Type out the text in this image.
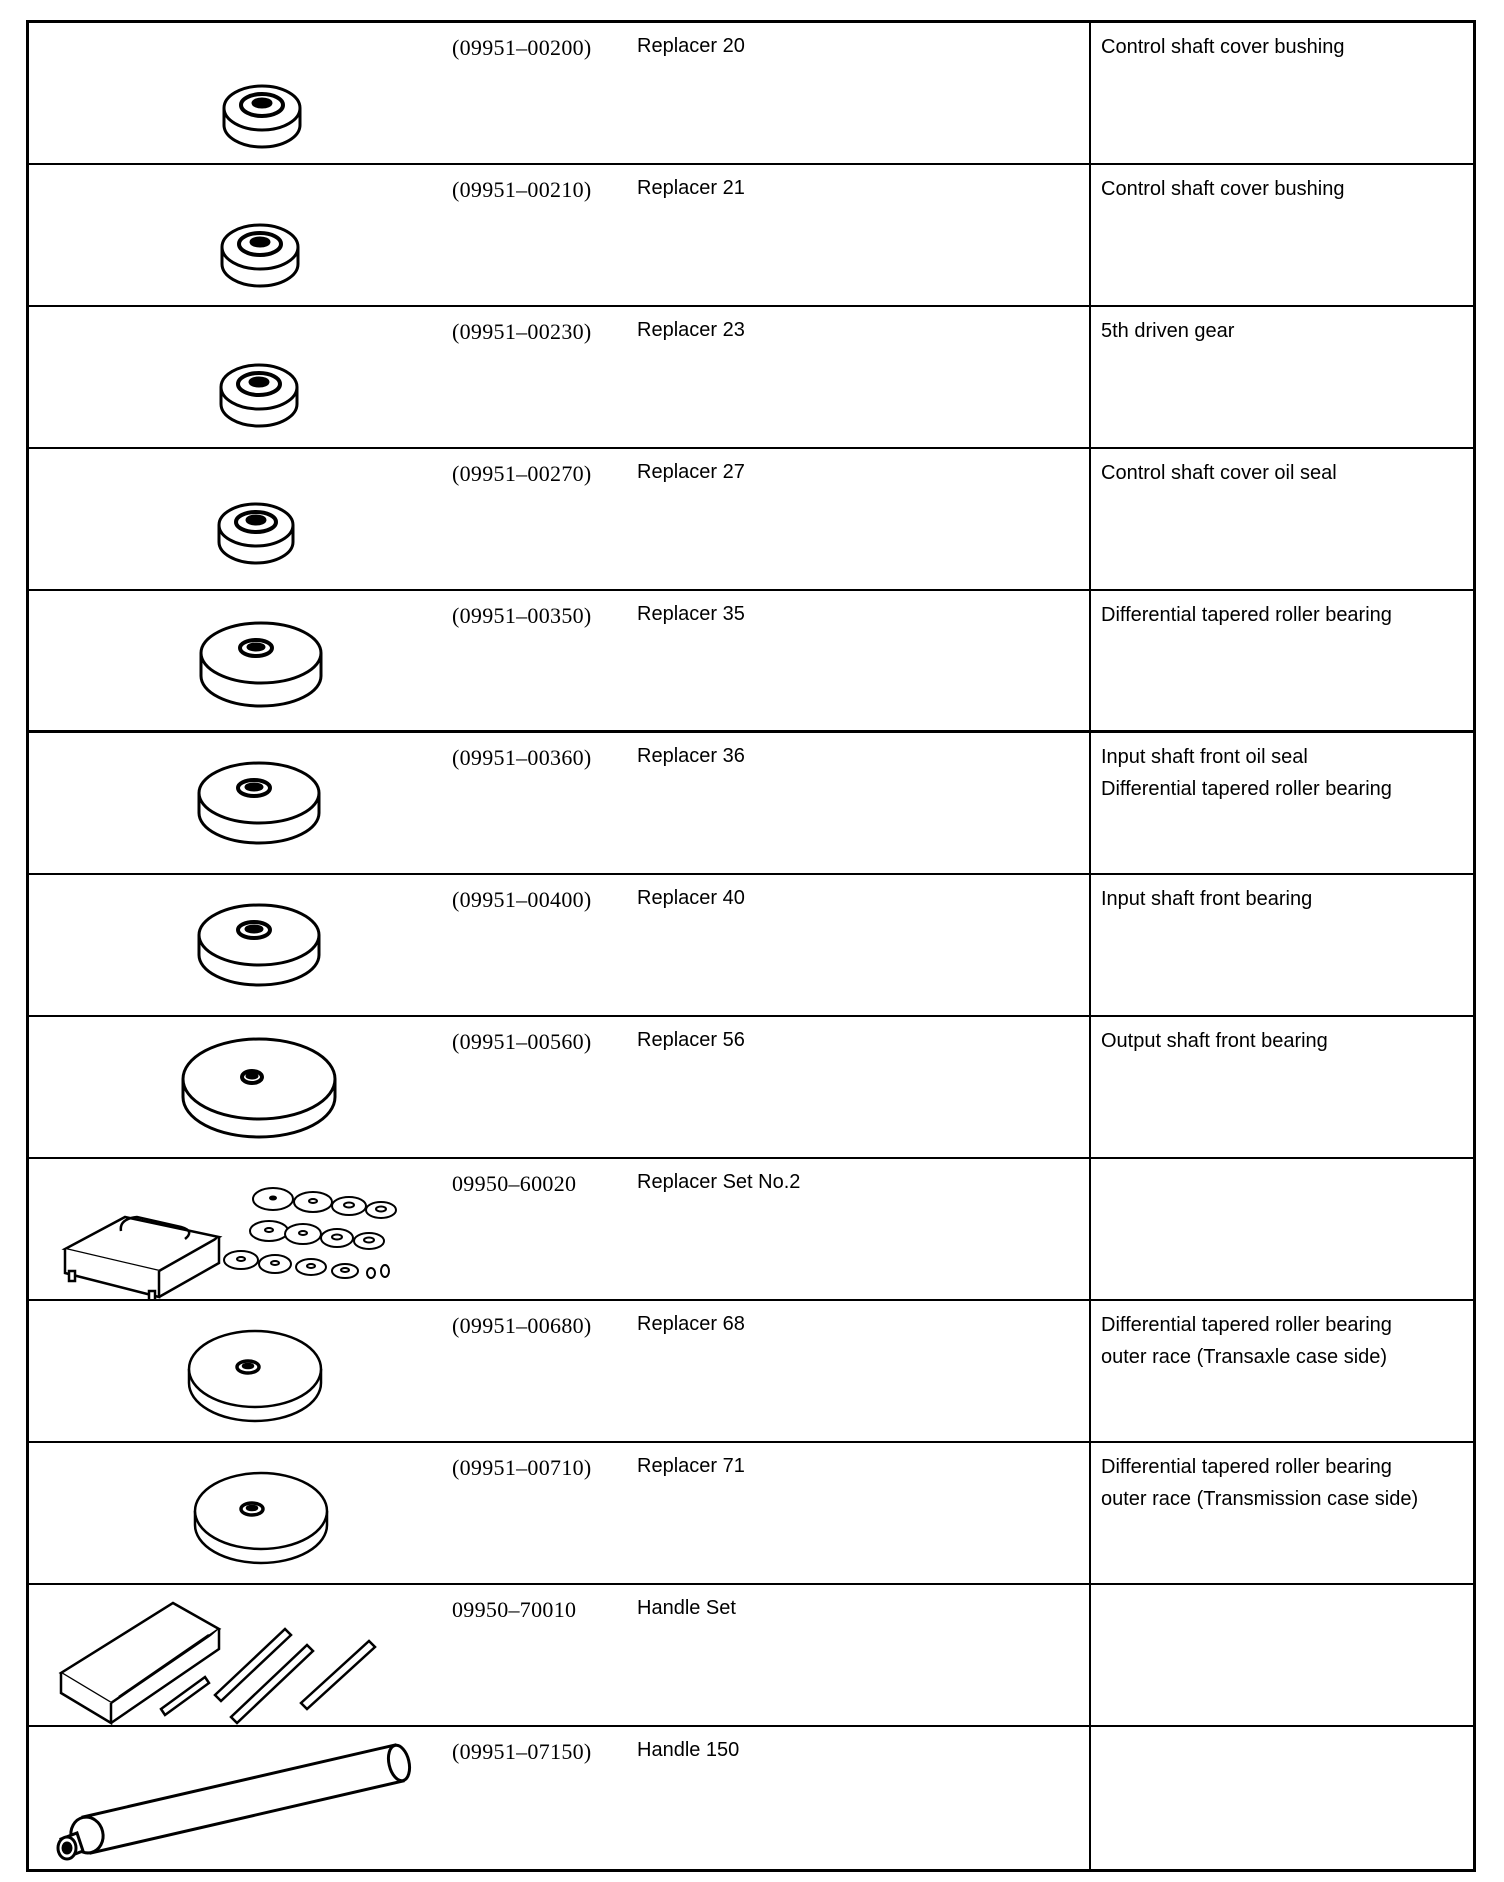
(09951–00200) Replacer 20	Control shaft cover bushing
(09951–00210) Replacer 21	Control shaft cover bushing
(09951–00230) Replacer 23	5th driven gear
(09951–00270) Replacer 27	Control shaft cover oil seal
(09951–00350) Replacer 35	Differential tapered roller bearing
(09951–00360) Replacer 36	Input shaft front oil seal
Differential tapered roller bearing
(09951–00400) Replacer 40	Input shaft front bearing
(09951–00560) Replacer 56	Output shaft front bearing
09950–60020	Replacer Set No.2
(09951–00680) Replacer 68	Differential tapered roller bearing
outer race (Transaxle case side)
(09951–00710) Replacer 71	Differential tapered roller bearing
outer race (Transmission case side)
09950–70010	Handle Set
(09951–07150) Handle 150
